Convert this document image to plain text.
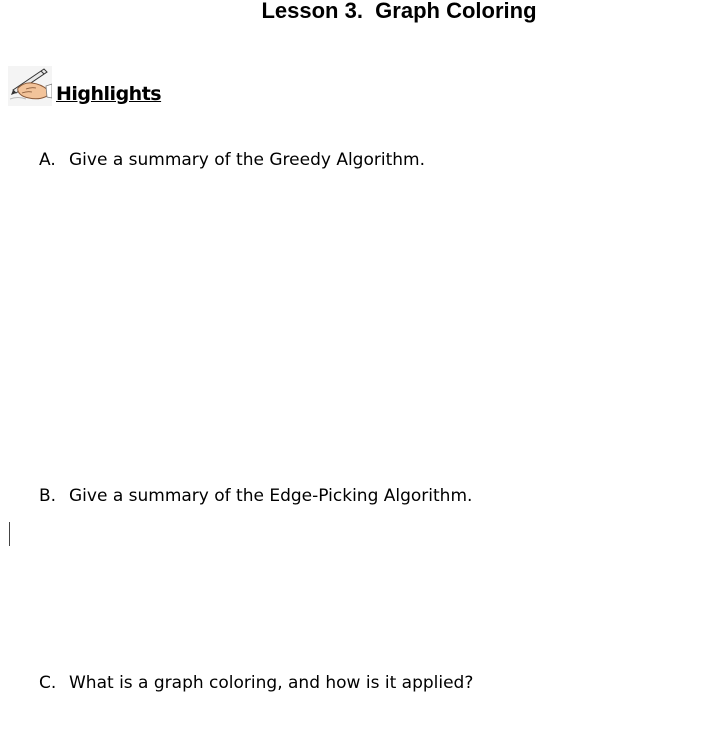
Lesson 3.  Graph Coloring
Highlights
A. Give a summary of the Greedy Algorithm.
B. Give a summary of the Edge-Picking Algorithm.
C. What is a graph coloring, and how is it applied?
